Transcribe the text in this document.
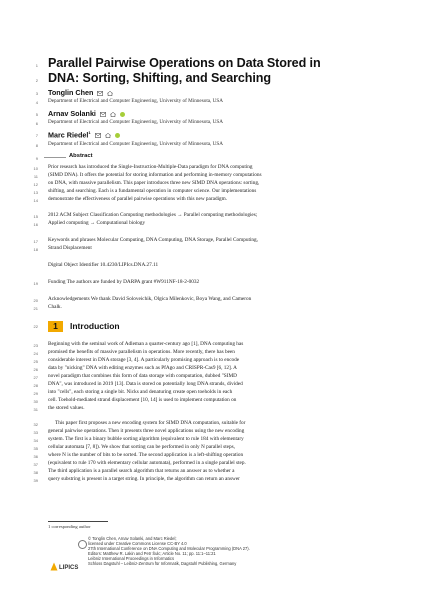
1 Parallel Pairwise Operations on Data Stored in
2 DNA: Sorting, Shifting, and Searching
3 Tonglin Chen
4 Department of Electrical and Computer Engineering, University of Minnesota, USA
5 Arnav Solanki
6 Department of Electrical and Computer Engineering, University of Minnesota, USA
7 Marc Riedel$^1$
8 Department of Electrical and Computer Engineering, University of Minnesota, USA
9	Abstract
10 Prior research has introduced the Single-Instruction-Multiple-Data paradigm for DNA computing
11 (SIMD DNA). It offers the potential for storing information and performing in-memory computations
12 on DNA, with massive parallelism. This paper introduces three new SIMD DNA operations: sorting,
13 shifting, and searching. Each is a fundamental operation in computer science. Our implementations
14 demonstrate the effectiveness of parallel pairwise operations with this new paradigm.
15 2012 ACM Subject Classification Computing methodologies → Parallel computing methodologies;
16 Applied computing → Computational biology
17 Keywords and phrases Molecular Computing, DNA Computing, DNA Storage, Parallel Computing,
18 Strand Displacement
Digital Object Identifier 10.4230/LIPIcs.DNA.27.11
19 Funding The authors are funded by DARPA grant #W911NF-18-2-0032
20 Acknowledgements We thank David Soloveichik, Olgica Milenkovic, Boya Wang, and Cameron
21 Chalk.
22	1	Introduction
23 Beginning with the seminal work of Adleman a quarter-century ago [1], DNA computing has
24 promised the benefits of massive parallelism in operations. More recently, there has been
25 considerable interest in DNA storage [3, 4]. A particularly promising approach is to encode
26 data by "nicking" DNA with editing enzymes such as PfAgo and CRISPR-Cas9 [6, 12]. A
27 novel paradigm that combines this form of data storage with computation, dubbed "SIMD
28 DNA", was introduced in 2019 [13]. Data is stored on potentially long DNA strands, divided
29 into "cells", each storing a single bit. Nicks and denaturing create open toeholds in each
30 cell. Toehold-mediated strand displacement [10, 14] is used to implement computation on
31 the stored values.
32	This paper first proposes a new encoding system for SIMD DNA computation, suitable for
33 general pairwise operations. Then it presents three novel applications using the new encoding
34 system. The first is a binary bubble sorting algorithm (equivalent to rule 184 with elementary
35 cellular automata [7, 8]). We show that sorting can be performed in only N parallel steps,
36 where N is the number of bits to be sorted. The second application is a left-shifting operation
37 (equivalent to rule 170 with elementary cellular automata), performed in a single parallel step.
38 The third application is a parallel search algorithm that returns an answer as to whether a
39 query substring is present in a target string. In principle, the algorithm can return an answer
1 corresponding author
© Tonglin Chen, Arnav Solanki, and Marc Riedel;
licensed under Creative Commons License CC-BY 4.0
27th International Conference on DNA Computing and Molecular Programming (DNA 27).
Editors: Matthew R. Lakin and Petr Šulc; Article No. 11; pp. 11:1–11:21
Leibniz International Proceedings in Informatics
Schloss Dagstuhl – Leibniz-Zentrum für Informatik, Dagstuhl Publishing, Germany
LIPICS
